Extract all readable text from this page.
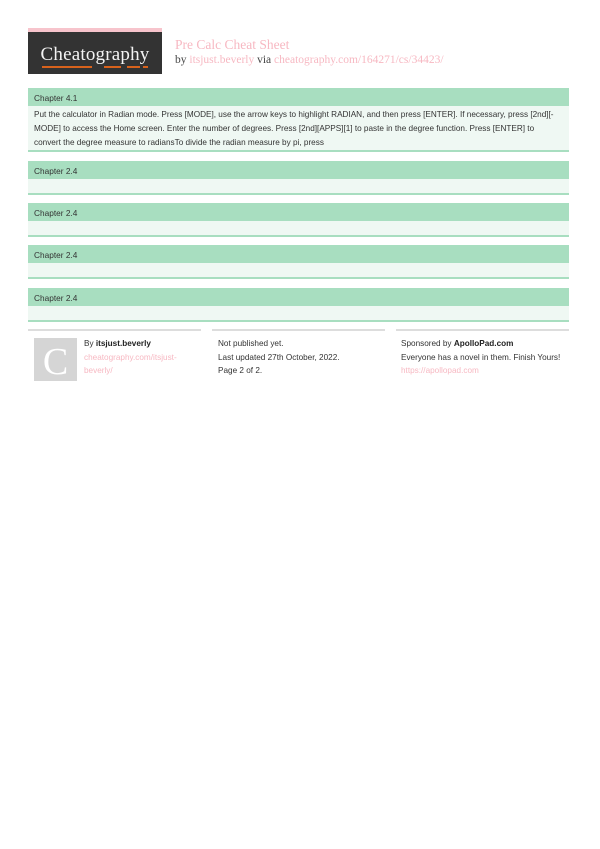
Cheatography	Pre Calc Cheat Sheet
by itsjust.beverly via cheatography.com/164271/cs/34423/
Chapter 4.1
Put the calculator in Radian mode. Press [MODE], use the arrow keys to highlight RADIAN, and then press [ENTER]. If necessary, press [2nd][-MODE] to access the Home screen. Enter the number of degrees. Press [2nd][APPS][1] to paste in the degree function. Press [ENTER] to convert the degree measure to radiansTo divide the radian measure by pi, press
Chapter 2.4
Chapter 2.4
Chapter 2.4
Chapter 2.4
C	By itsjust.beverly
cheatography.com/itsjust-beverly/
Not published yet.
Last updated 27th October, 2022.
Page 2 of 2.
Sponsored by ApolloPad.com
Everyone has a novel in them. Finish Yours!
https://apollopad.com
